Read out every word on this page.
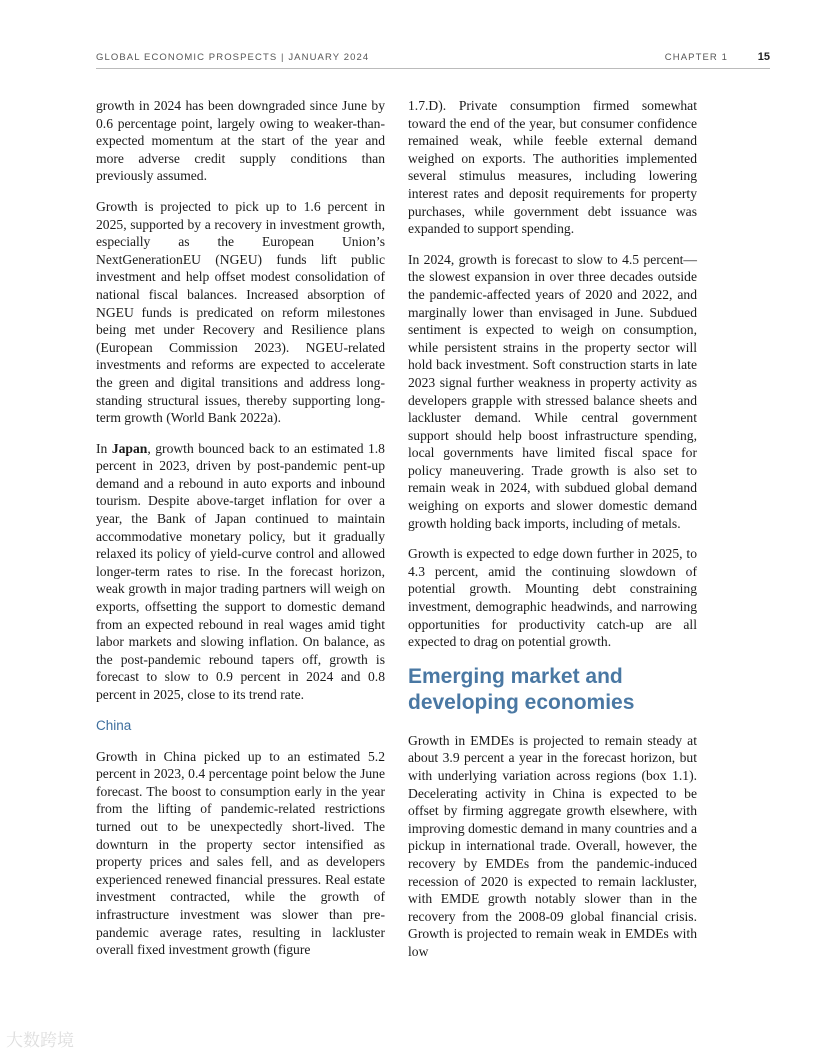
GLOBAL ECONOMIC PROSPECTS | JANUARY 2024	CHAPTER 1	15

growth in 2024 has been downgraded since June by 0.6 percentage point, largely owing to weaker-than-expected momentum at the start of the year and more adverse credit supply conditions than previously assumed.

Growth is projected to pick up to 1.6 percent in 2025, supported by a recovery in investment growth, especially as the European Union’s NextGenerationEU (NGEU) funds lift public investment and help offset modest consolidation of national fiscal balances. Increased absorption of NGEU funds is predicated on reform milestones being met under Recovery and Resilience plans (European Commission 2023). NGEU-related investments and reforms are expected to accelerate the green and digital transitions and address long-standing structural issues, thereby supporting long-term growth (World Bank 2022a).

In Japan, growth bounced back to an estimated 1.8 percent in 2023, driven by post-pandemic pent-up demand and a rebound in auto exports and inbound tourism. Despite above-target inflation for over a year, the Bank of Japan continued to maintain accommodative monetary policy, but it gradually relaxed its policy of yield-curve control and allowed longer-term rates to rise. In the forecast horizon, weak growth in major trading partners will weigh on exports, offsetting the support to domestic demand from an expected rebound in real wages amid tight labor markets and slowing inflation. On balance, as the post-pandemic rebound tapers off, growth is forecast to slow to 0.9 percent in 2024 and 0.8 percent in 2025, close to its trend rate.

China

Growth in China picked up to an estimated 5.2 percent in 2023, 0.4 percentage point below the June forecast. The boost to consumption early in the year from the lifting of pandemic-related restrictions turned out to be unexpectedly short-lived. The downturn in the property sector intensified as property prices and sales fell, and as developers experienced renewed financial pressures. Real estate investment contracted, while the growth of infrastructure investment was slower than pre-pandemic average rates, resulting in lackluster overall fixed investment growth (figure

1.7.D). Private consumption firmed somewhat toward the end of the year, but consumer confidence remained weak, while feeble external demand weighed on exports. The authorities implemented several stimulus measures, including lowering interest rates and deposit requirements for property purchases, while government debt issuance was expanded to support spending.

In 2024, growth is forecast to slow to 4.5 percent—the slowest expansion in over three decades outside the pandemic-affected years of 2020 and 2022, and marginally lower than envisaged in June. Subdued sentiment is expected to weigh on consumption, while persistent strains in the property sector will hold back investment. Soft construction starts in late 2023 signal further weakness in property activity as developers grapple with stressed balance sheets and lackluster demand. While central government support should help boost infrastructure spending, local governments have limited fiscal space for policy maneuvering. Trade growth is also set to remain weak in 2024, with subdued global demand weighing on exports and slower domestic demand growth holding back imports, including of metals.

Growth is expected to edge down further in 2025, to 4.3 percent, amid the continuing slowdown of potential growth. Mounting debt constraining investment, demographic headwinds, and narrowing opportunities for productivity catch-up are all expected to drag on potential growth.

Emerging market and developing economies

Growth in EMDEs is projected to remain steady at about 3.9 percent a year in the forecast horizon, but with underlying variation across regions (box 1.1). Decelerating activity in China is expected to be offset by firming aggregate growth elsewhere, with improving domestic demand in many countries and a pickup in international trade. Overall, however, the recovery by EMDEs from the pandemic-induced recession of 2020 is expected to remain lackluster, with EMDE growth notably slower than in the recovery from the 2008-09 global financial crisis. Growth is projected to remain weak in EMDEs with low

大数跨境
